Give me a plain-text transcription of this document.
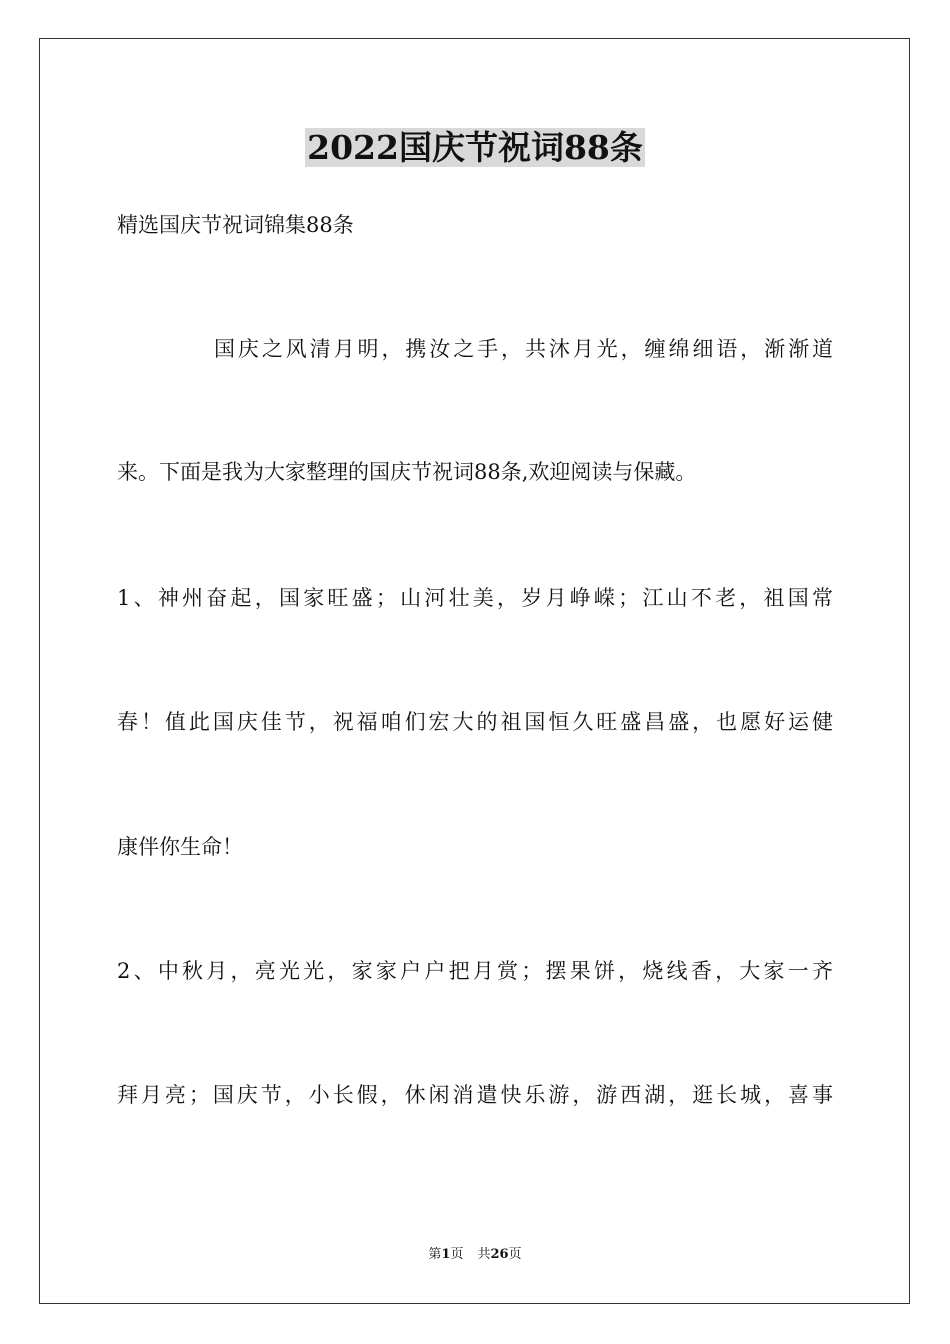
2022国庆节祝词88条
精选国庆节祝词锦集88条
国庆之风清月明，携汝之手，共沐月光，缠绵细语，渐渐道
来。下面是我为大家整理的国庆节祝词88条,欢迎阅读与保藏。
1、神州奋起，国家旺盛；山河壮美，岁月峥嵘；江山不老，祖国常
春！值此国庆佳节，祝福咱们宏大的祖国恒久旺盛昌盛，也愿好运健
康伴你生命！
2、中秋月，亮光光，家家户户把月赏；摆果饼，烧线香，大家一齐
拜月亮；国庆节，小长假，休闲消遣快乐游，游西湖，逛长城，喜事
第1页 共26页
